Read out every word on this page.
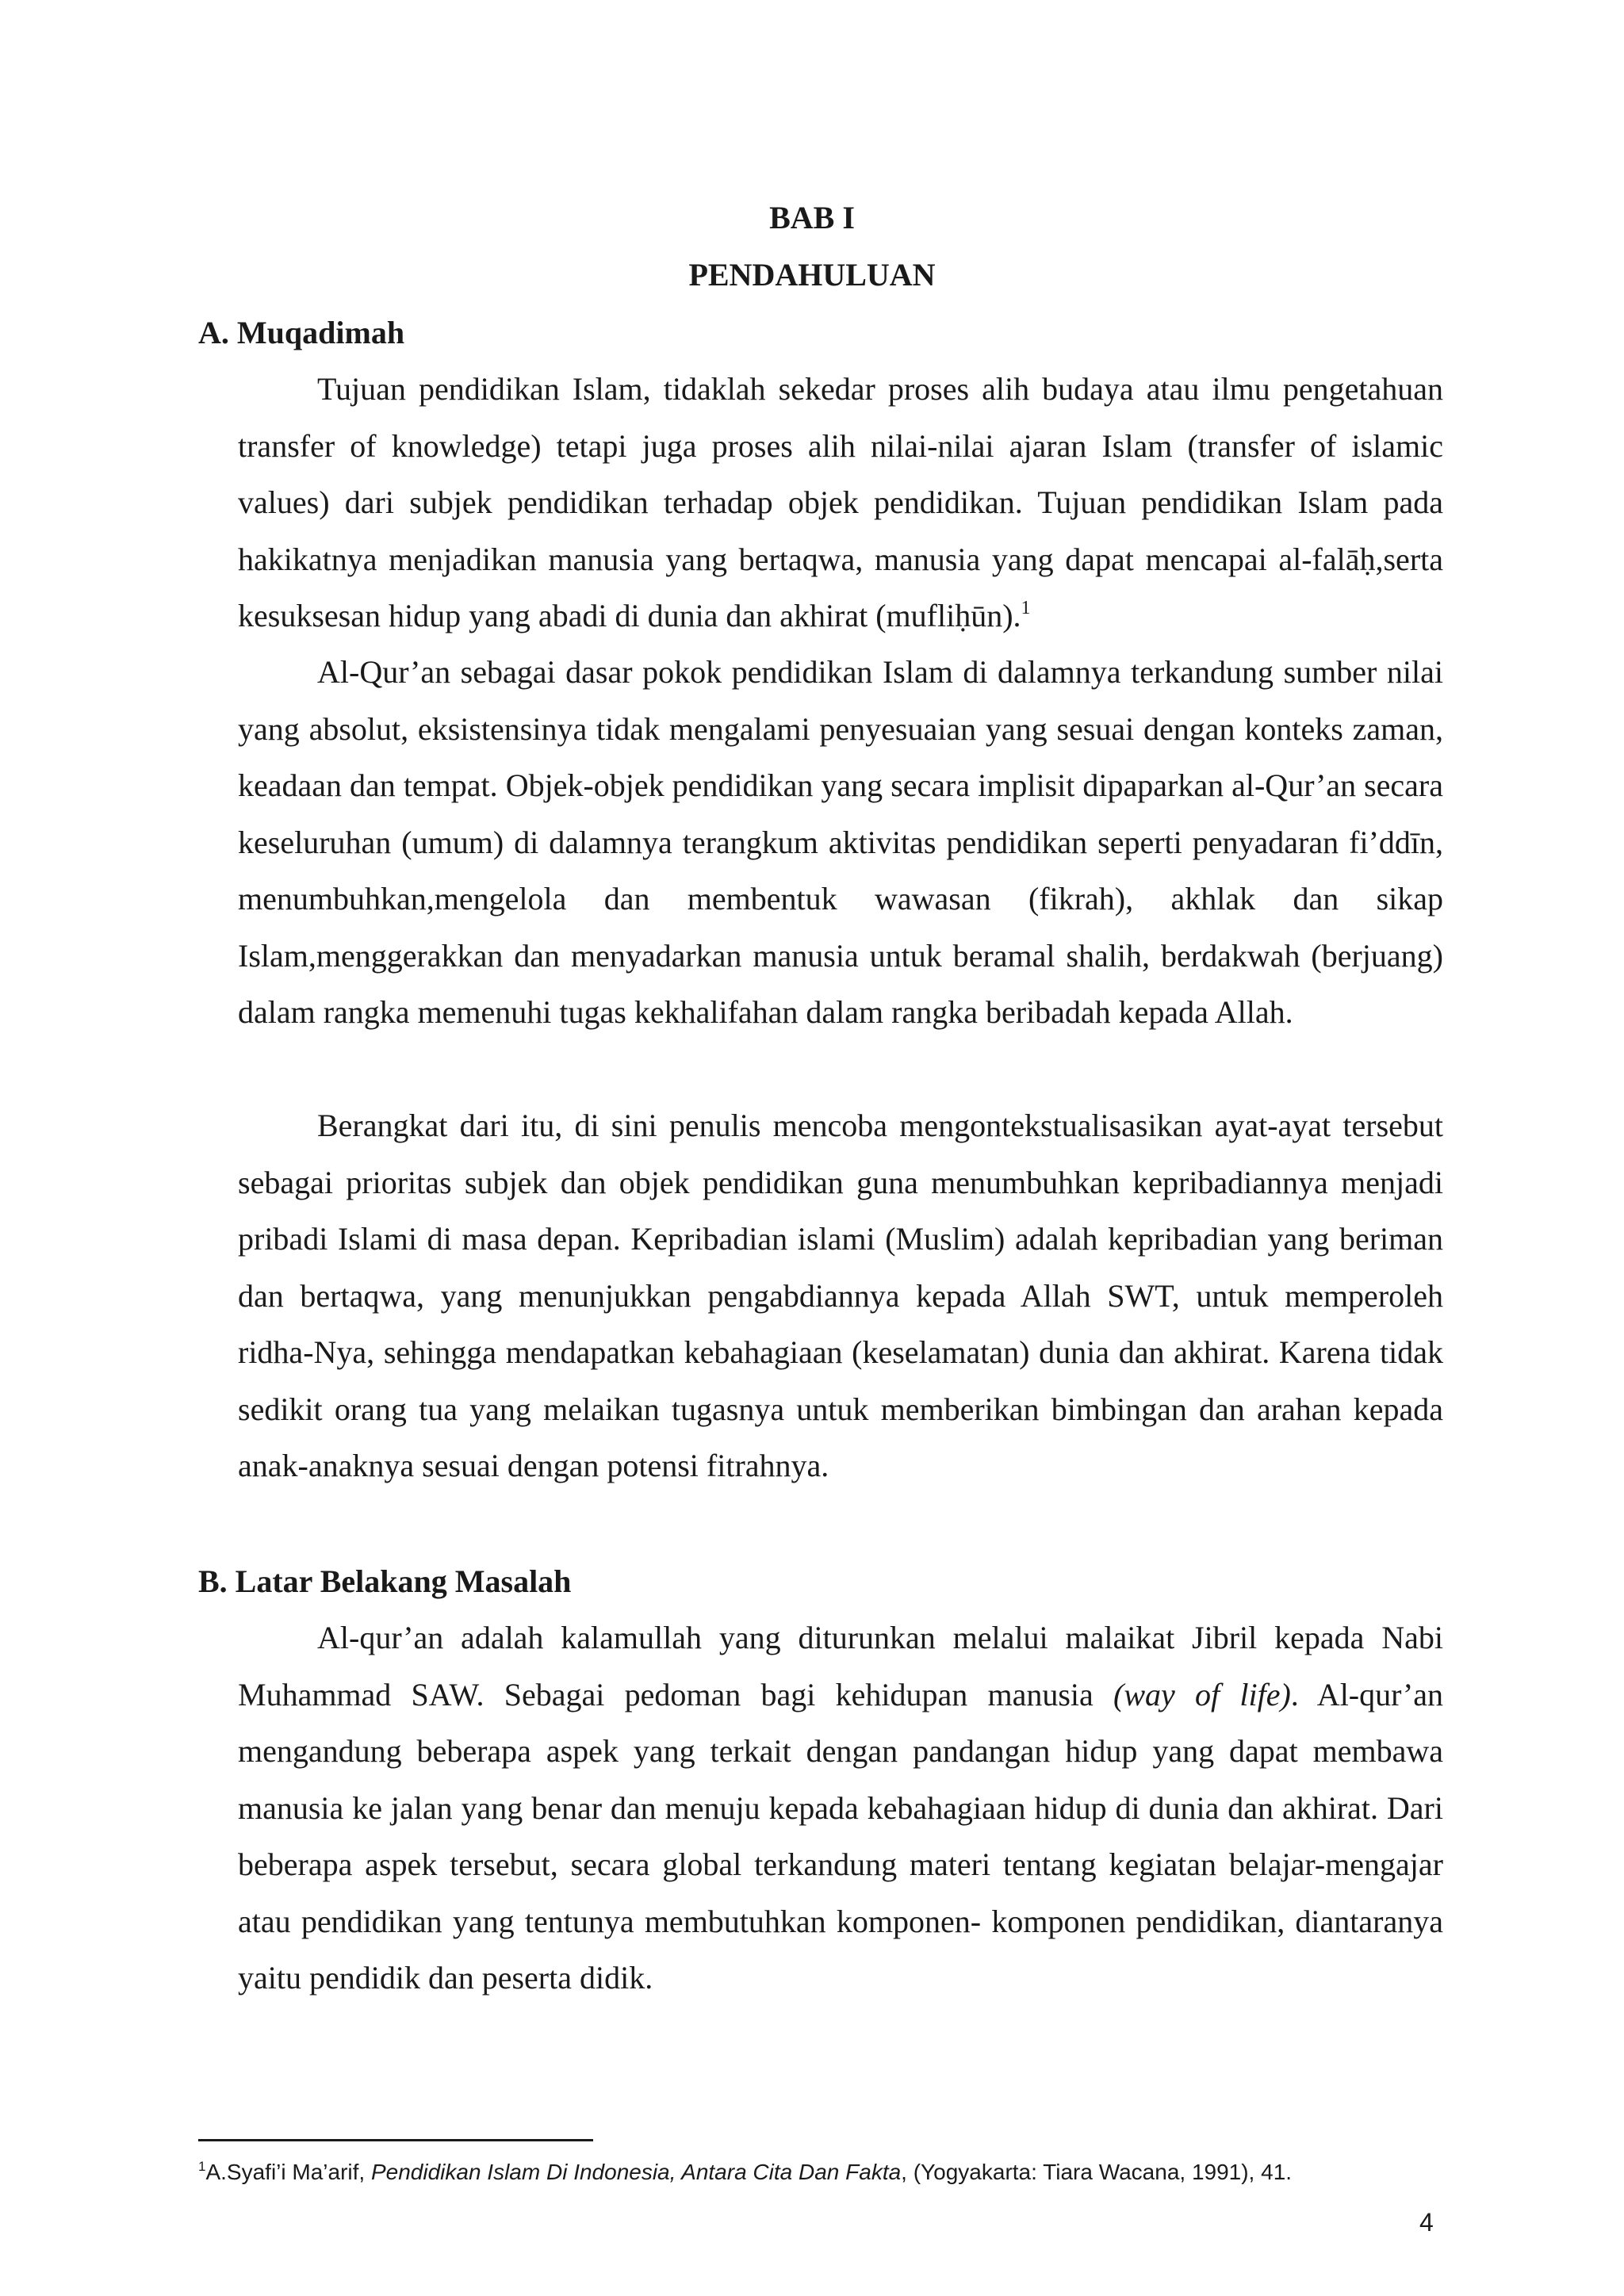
BAB I
PENDAHULUAN
A. Muqadimah
Tujuan pendidikan Islam, tidaklah sekedar proses alih budaya atau ilmu pengetahuan transfer of knowledge) tetapi juga proses alih nilai-nilai ajaran Islam (transfer of islamic values) dari subjek pendidikan terhadap objek pendidikan. Tujuan pendidikan Islam pada hakikatnya menjadikan manusia yang bertaqwa, manusia yang dapat mencapai al-falāḥ,serta kesuksesan hidup yang abadi di dunia dan akhirat (mufliḥūn).$^1$
Al-Qur’an sebagai dasar pokok pendidikan Islam di dalamnya terkandung sumber nilai yang absolut, eksistensinya tidak mengalami penyesuaian yang sesuai dengan konteks zaman, keadaan dan tempat. Objek-objek pendidikan yang secara implisit dipaparkan al-Qur’an secara keseluruhan (umum) di dalamnya terangkum aktivitas pendidikan seperti penyadaran fi’ddīn, menumbuhkan,mengelola dan membentuk wawasan (fikrah), akhlak dan sikap Islam,menggerakkan dan menyadarkan manusia untuk beramal shalih, berdakwah (berjuang) dalam rangka memenuhi tugas kekhalifahan dalam rangka beribadah kepada Allah.
Berangkat dari itu, di sini penulis mencoba mengontekstualisasikan ayat-ayat tersebut sebagai prioritas subjek dan objek pendidikan guna menumbuhkan kepribadiannya menjadi pribadi Islami di masa depan. Kepribadian islami (Muslim) adalah kepribadian yang beriman dan bertaqwa, yang menunjukkan pengabdiannya kepada Allah SWT, untuk memperoleh ridha-Nya, sehingga mendapatkan kebahagiaan (keselamatan) dunia dan akhirat. Karena tidak sedikit orang tua yang melaikan tugasnya untuk memberikan bimbingan dan arahan kepada anak-anaknya sesuai dengan potensi fitrahnya.
B. Latar Belakang Masalah
Al-qur’an adalah kalamullah yang diturunkan melalui malaikat Jibril kepada Nabi Muhammad SAW. Sebagai pedoman bagi kehidupan manusia (way of life). Al-qur’an mengandung beberapa aspek yang terkait dengan pandangan hidup yang dapat membawa manusia ke jalan yang benar dan menuju kepada kebahagiaan hidup di dunia dan akhirat. Dari beberapa aspek tersebut, secara global terkandung materi tentang kegiatan belajar-mengajar atau pendidikan yang tentunya membutuhkan komponen- komponen pendidikan, diantaranya yaitu pendidik dan peserta didik.
$^1$A.Syafi’i Ma’arif, Pendidikan Islam Di Indonesia, Antara Cita Dan Fakta, (Yogyakarta: Tiara Wacana, 1991), 41.
4
